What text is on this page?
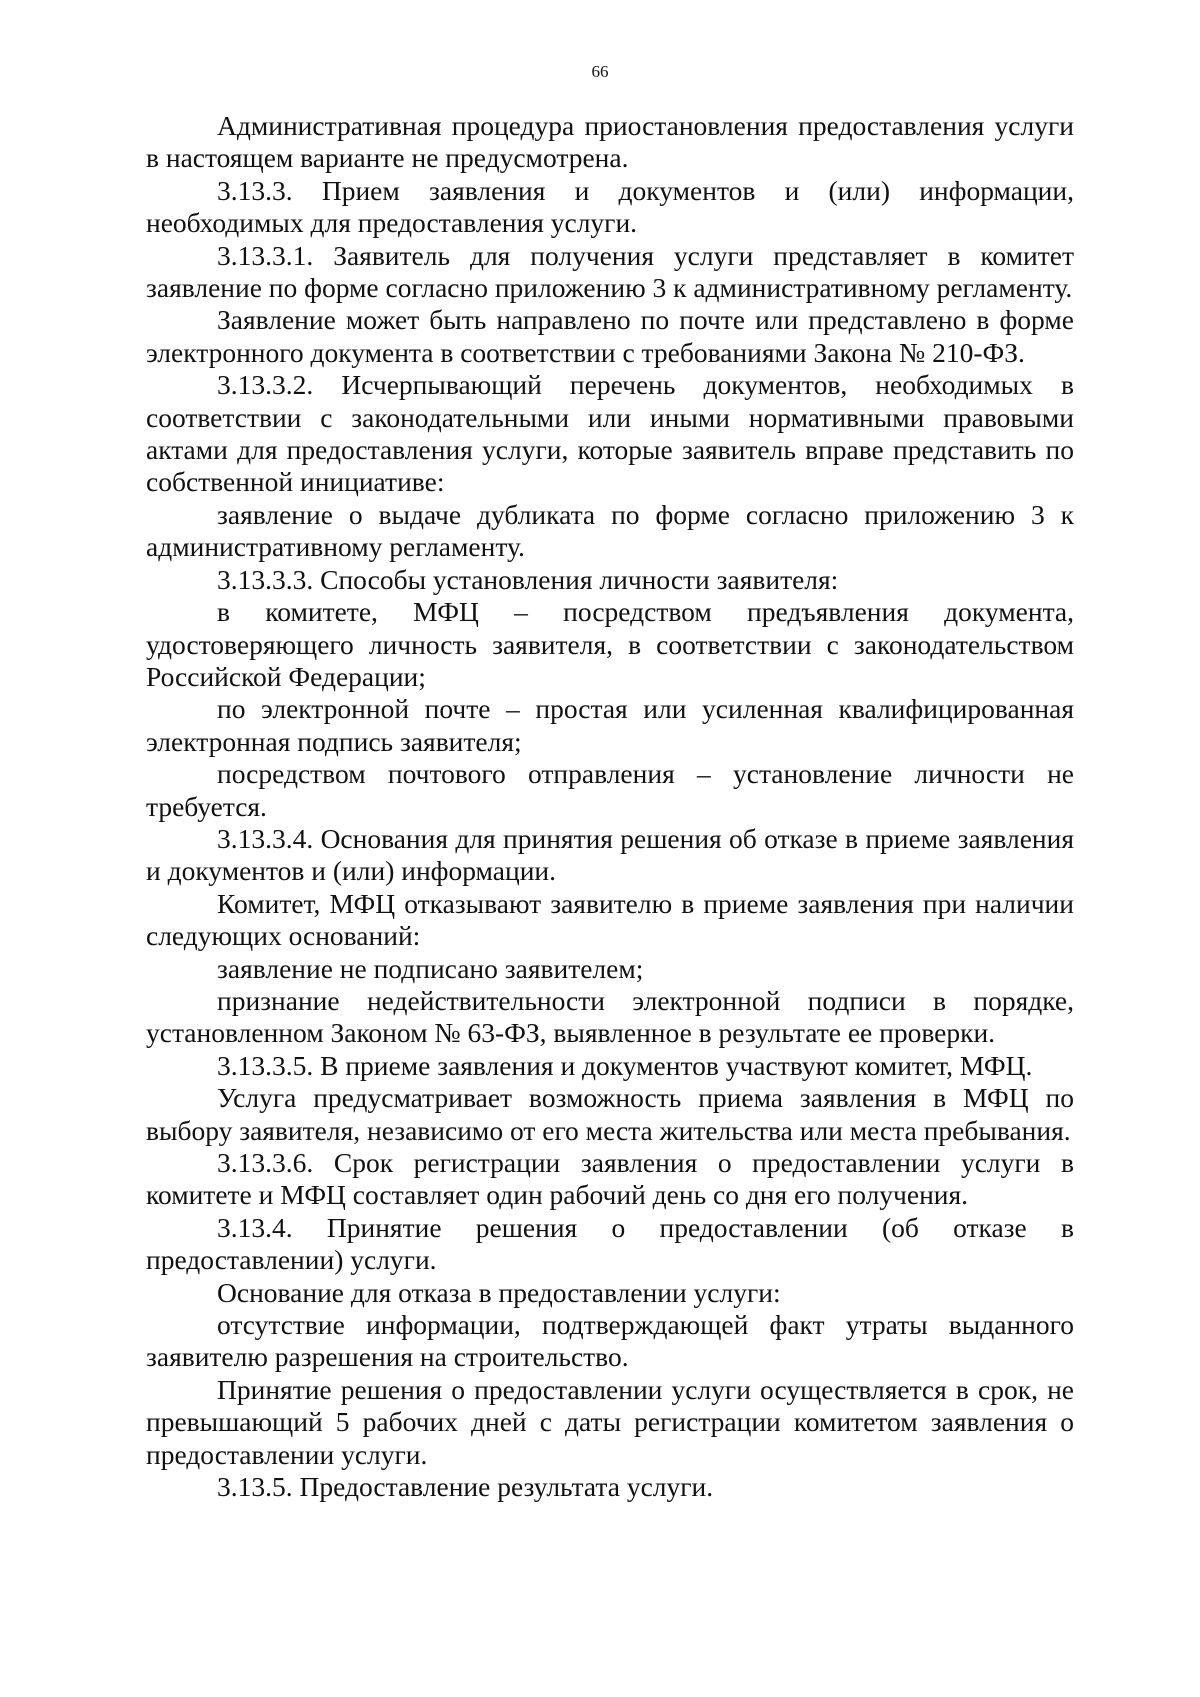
66

Административная процедура приостановления предоставления услуги в настоящем варианте не предусмотрена.

3.13.3. Прием заявления и документов и (или) информации, необходимых для предоставления услуги.

3.13.3.1. Заявитель для получения услуги представляет в комитет заявление по форме согласно приложению 3 к административному регламенту.

Заявление может быть направлено по почте или представлено в форме электронного документа в соответствии с требованиями Закона № 210-ФЗ.

3.13.3.2. Исчерпывающий перечень документов, необходимых в соответствии с законодательными или иными нормативными правовыми актами для предоставления услуги, которые заявитель вправе представить по собственной инициативе:

заявление о выдаче дубликата по форме согласно приложению 3 к административному регламенту.

3.13.3.3. Способы установления личности заявителя:

в комитете, МФЦ – посредством предъявления документа, удостоверяющего личность заявителя, в соответствии с законодательством Российской Федерации;

по электронной почте – простая или усиленная квалифицированная электронная подпись заявителя;

посредством почтового отправления – установление личности не требуется.

3.13.3.4. Основания для принятия решения об отказе в приеме заявления и документов и (или) информации.

Комитет, МФЦ отказывают заявителю в приеме заявления при наличии следующих оснований:

заявление не подписано заявителем;

признание недействительности электронной подписи в порядке, установленном Законом № 63-ФЗ, выявленное в результате ее проверки.

3.13.3.5. В приеме заявления и документов участвуют комитет, МФЦ.

Услуга предусматривает возможность приема заявления в МФЦ по выбору заявителя, независимо от его места жительства или места пребывания.

3.13.3.6. Срок регистрации заявления о предоставлении услуги в комитете и МФЦ составляет один рабочий день со дня его получения.

3.13.4. Принятие решения о предоставлении (об отказе в предоставлении) услуги.

Основание для отказа в предоставлении услуги:

отсутствие информации, подтверждающей факт утраты выданного заявителю разрешения на строительство.

Принятие решения о предоставлении услуги осуществляется в срок, не превышающий 5 рабочих дней с даты регистрации комитетом заявления о предоставлении услуги.

3.13.5. Предоставление результата услуги.
